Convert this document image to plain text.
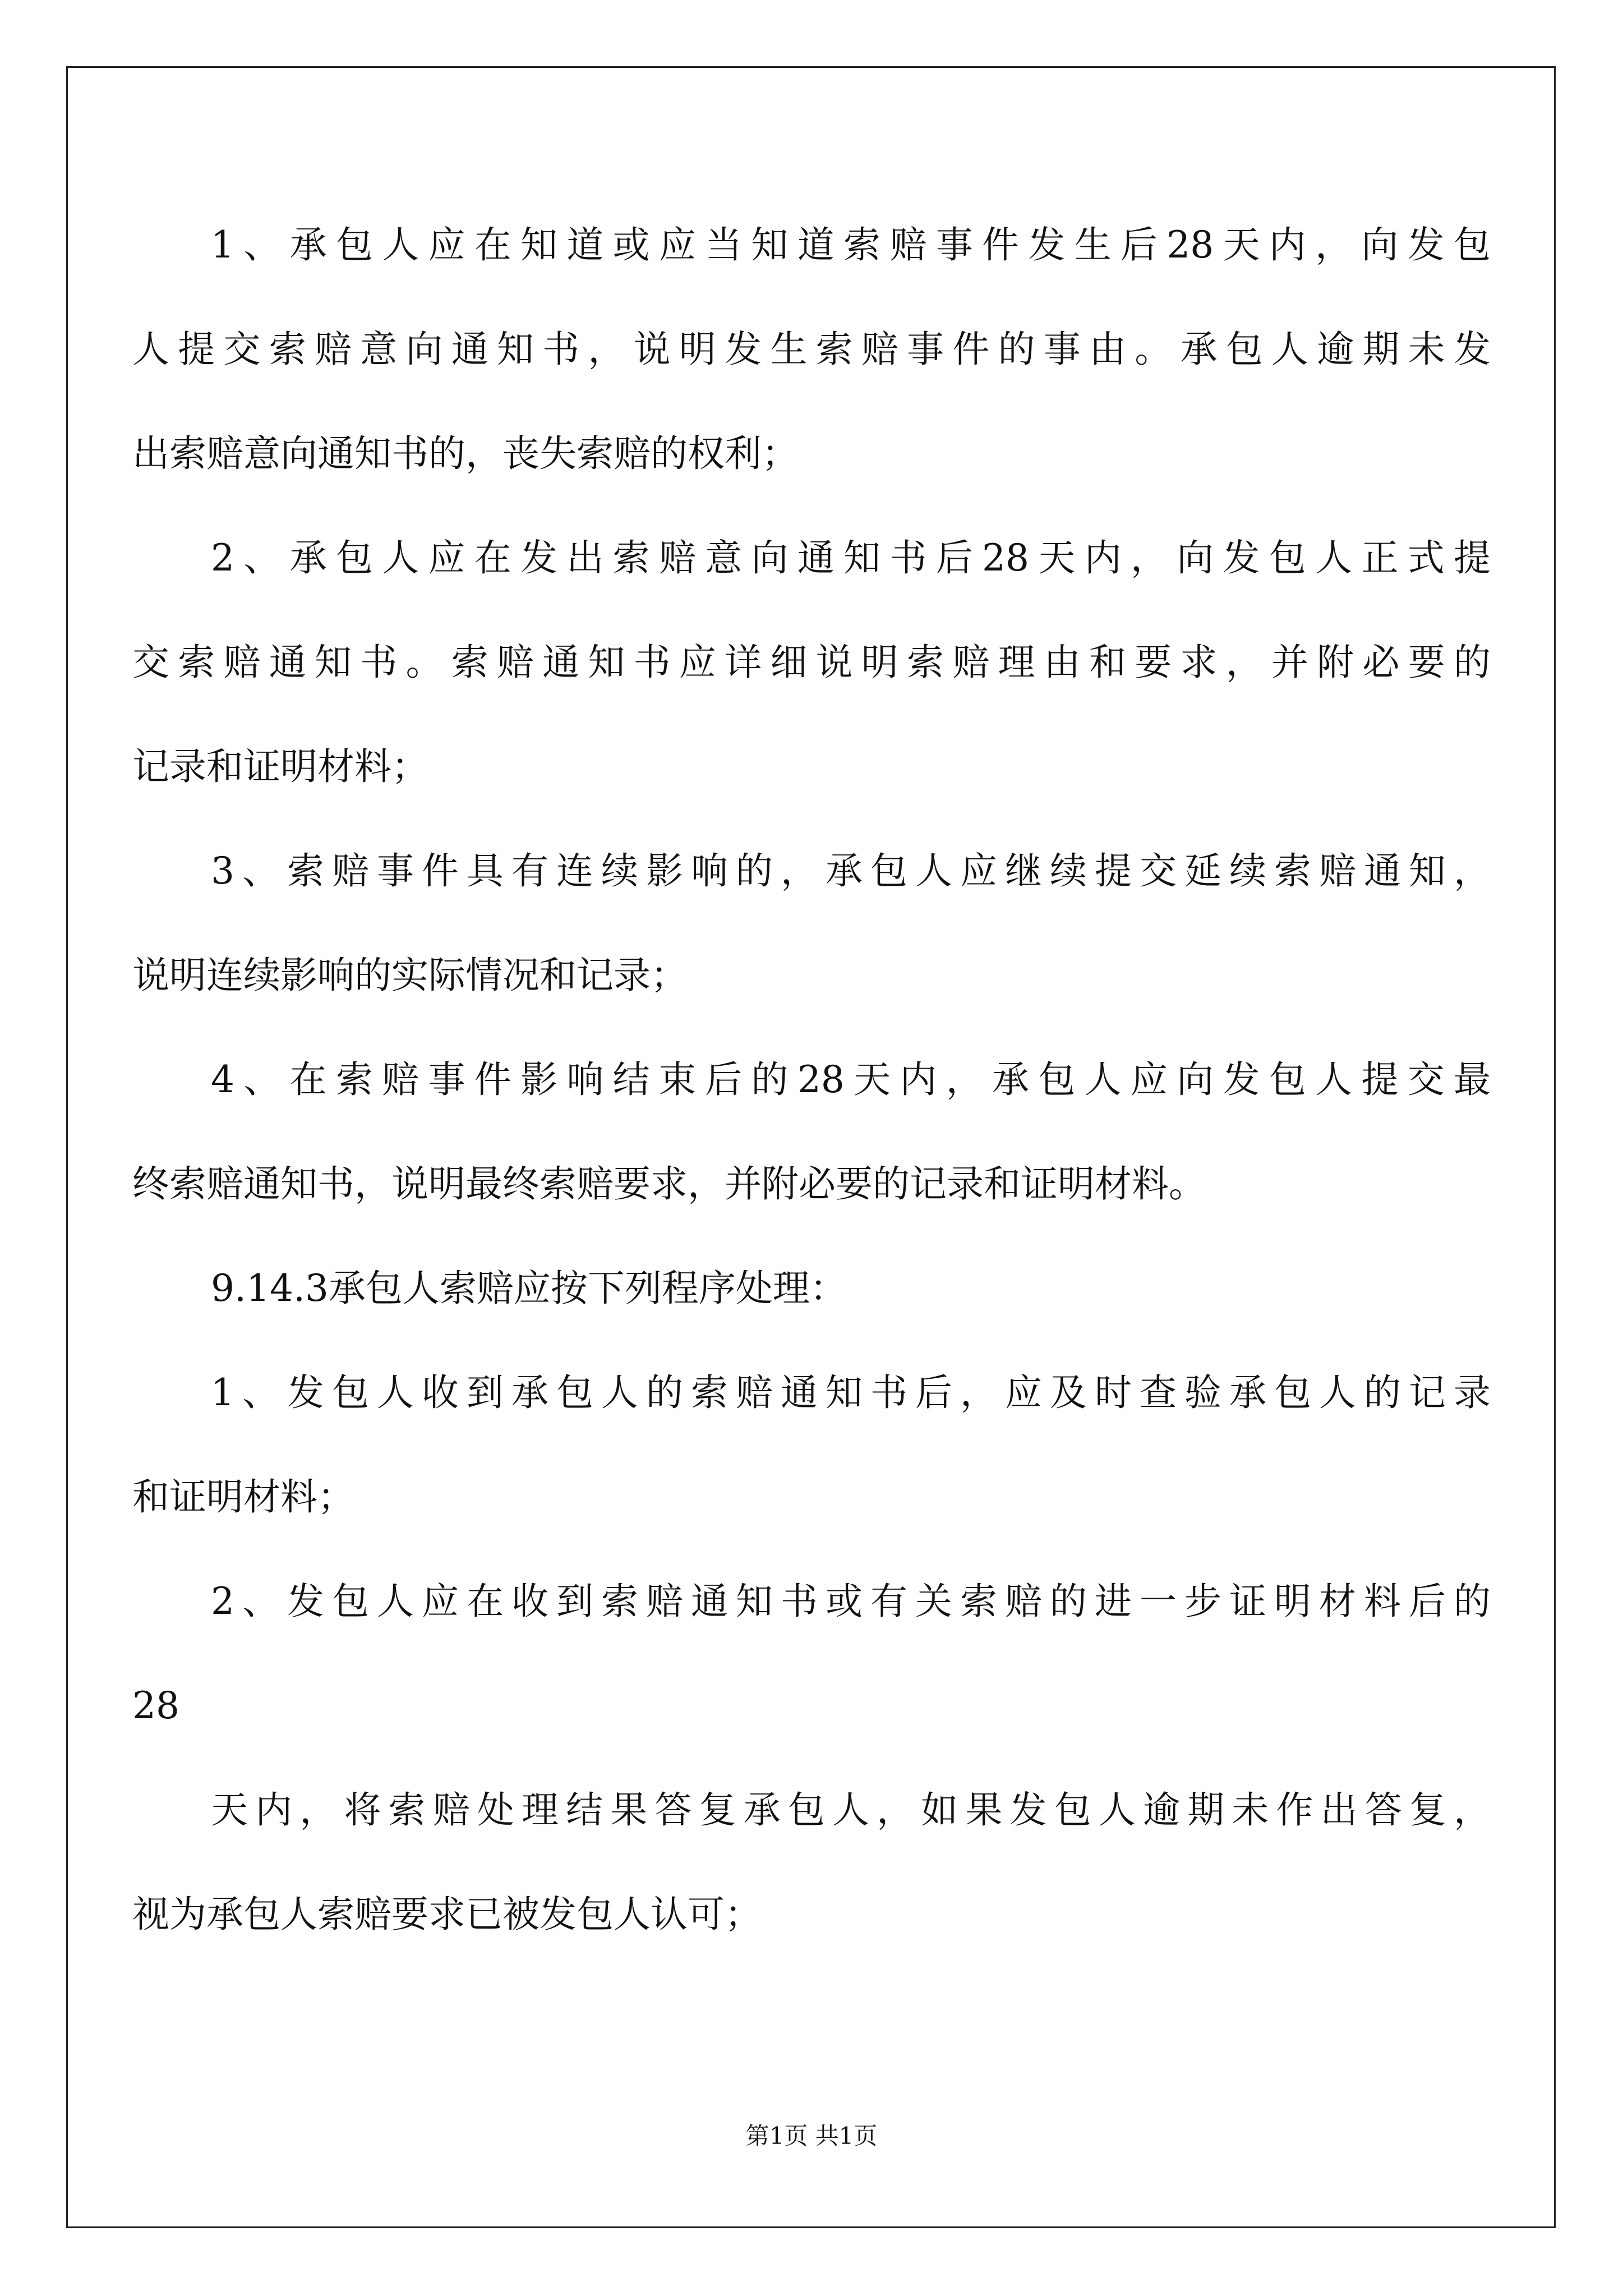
1、承包人应在知道或应当知道索赔事件发生后28天内，向发包
人提交索赔意向通知书，说明发生索赔事件的事由。承包人逾期未发
出索赔意向通知书的，丧失索赔的权利；
2、承包人应在发出索赔意向通知书后28天内，向发包人正式提
交索赔通知书。索赔通知书应详细说明索赔理由和要求，并附必要的
记录和证明材料；
3、索赔事件具有连续影响的，承包人应继续提交延续索赔通知，
说明连续影响的实际情况和记录；
4、在索赔事件影响结束后的28天内，承包人应向发包人提交最
终索赔通知书，说明最终索赔要求，并附必要的记录和证明材料。
9.14.3承包人索赔应按下列程序处理：
1、发包人收到承包人的索赔通知书后，应及时查验承包人的记录
和证明材料；
2、发包人应在收到索赔通知书或有关索赔的进一步证明材料后的
28
天内，将索赔处理结果答复承包人，如果发包人逾期未作出答复，
视为承包人索赔要求已被发包人认可；
第1页 共1页
